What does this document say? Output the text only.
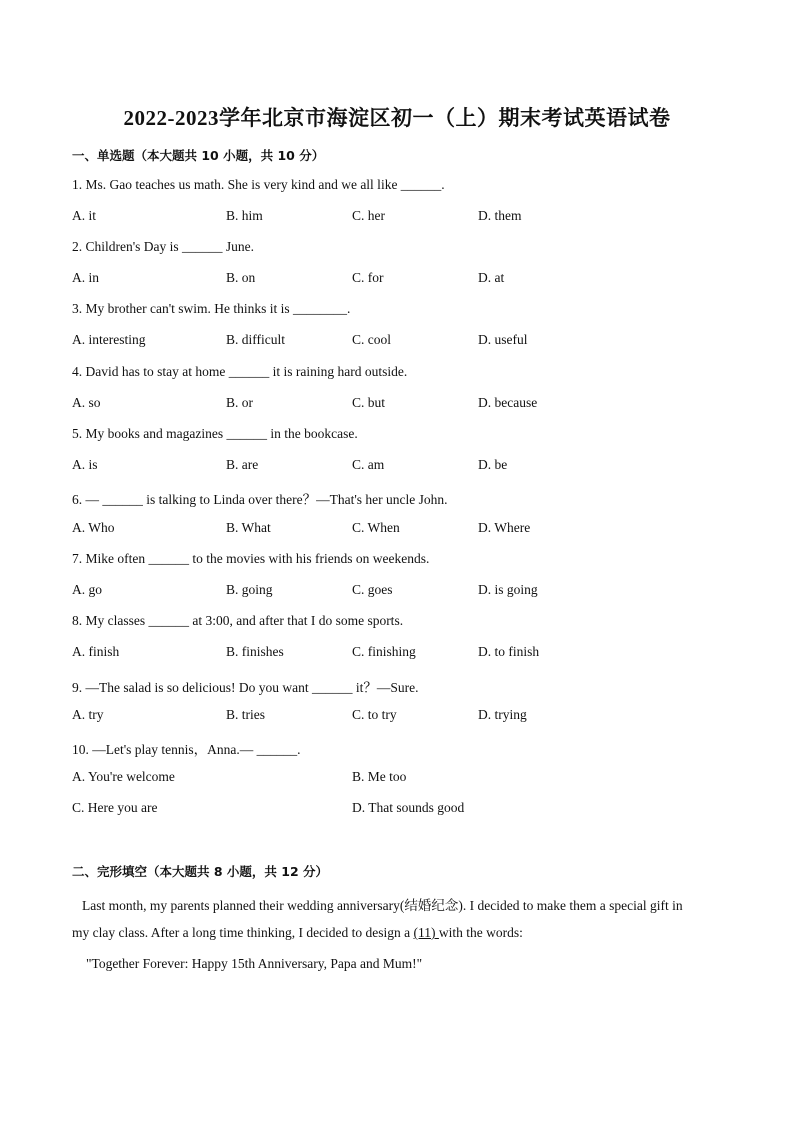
2022-2023学年北京市海淀区初一（上）期末考试英语试卷
一、单选题（本大题共 10 小题，共 10 分）
1. Ms. Gao teaches us math. She is very kind and we all like ______.
A. it	B. him	C. her	D. them
2. Children's Day is ______ June.
A. in	B. on	C. for	D. at
3. My brother can't swim. He thinks it is ________.
A. interesting	B. difficult	C. cool	D. useful
4. David has to stay at home ______ it is raining hard outside.
A. so	B. or	C. but	D. because
5. My books and magazines ______ in the bookcase.
A. is	B. are	C. am	D. be
6. — ______ is talking to Linda over there？—That's her uncle John.
A. Who	B. What	C. When	D. Where
7. Mike often ______ to the movies with his friends on weekends.
A. go	B. going	C. goes	D. is going
8. My classes ______ at 3:00, and after that I do some sports.
A. finish	B. finishes	C. finishing	D. to finish
9. —The salad is so delicious! Do you want ______ it？—Sure.
A. try	B. tries	C. to try	D. trying
10. —Let's play tennis，Anna.— ______.
A. You're welcome	B. Me too
C. Here you are	D. That sounds good
二、完形填空（本大题共 8 小题，共 12 分）
Last month, my parents planned their wedding anniversary(结婚纪念). I decided to make them a special gift in
my clay class. After a long time thinking, I decided to design a (11) with the words:
"Together Forever: Happy 15th Anniversary, Papa and Mum!"
